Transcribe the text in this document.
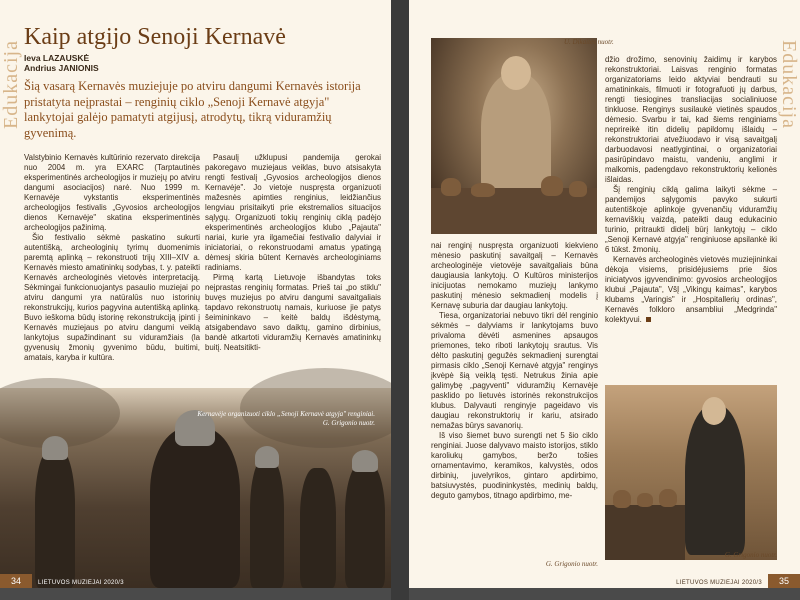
Edukacija
Kaip atgijo Senoji Kernavė
Ieva LAZAUSKĖ
Andrius JANIONIS
Šią vasarą Kernavės muziejuje po atviru dangumi Kernavės istorija pristatyta neįprastai – renginių ciklo „Senoji Kernavė atgyja" lankytojai galėjo pamatyti atgijusį, atrodytų, tikrą viduramžių gyvenimą.

Valstybinio Kernavės kultūrinio rezervato direkcija nuo 2004 m. yra EXARC (Tarptautinės eksperimentinės archeologijos ir muziejų po atviru dangumi asociacijos) narė. Nuo 1999 m. Kernavėje vykstantis eksperimentinės archeologijos festivalis „Gyvosios archeologijos dienos Kernavėje" skatina eksperimentinės archeologijos pažinimą.

Šio festivalio sėkmė paskatino sukurti autentišką, archeologinių tyrimų duomenimis paremtą aplinką – rekonstruoti trijų XIII–XIV a. Kernavės miesto amatininkų sodybas, t. y. pateikti Kernavės archeologinės vietovės interpretaciją. Sėkmingai funkcionuojantys pasaulio muziejai po atviru dangumi yra natūralūs nuo istorinių rekonstrukcijų, kurios pagyvina autentišką aplinką. Buvo ieškoma būdų istorinę rekonstrukciją įpinti į Kernavės muziejaus po atviru dangumi veiklą lankytojus supažindinant su viduramžiais (la gyvenusių žmonių gyvenimo būdu, buitimi, amatais, karyba ir kultūra.

Pasaulį užklupusi pandemija gerokai pakoregavo muziejaus veiklas, buvo atsisakyta rengti festivalį „Gyvosios archeologijos dienos Kernavėje". Jo vietoje nuspręsta organizuoti mažesnės apimties renginius, leidžiančius lengviau prisitaikyti prie ekstremalios situacijos sąlygų. Organizuoti tokių renginių ciklą padėjo eksperimentinės archeologijos klubo „Pajauta" nariai, kurie yra ilgamečiai festivalio dalyviai ir iniciatoriai, o rekonstruodami amatus ypatingą dėmesį skiria būtent Kernavės archeologiniams radiniams.

Pirmą kartą Lietuvoje išbandytas toks neįprastas renginių formatas. Prieš tai „po stiklu" buvęs muziejus po atviru dangumi savaitgaliais tapdavo rekonstruotų namais, kuriuose jie patys šeimininkavo – keitė baldų išdėstymą, atsigabendavo savo daiktų, gamino dirbinius, bandė atkartoti viduramžių Kernavės amatininkų buitį. Neatsitikti-

Kernavėje organizuoti ciklo „Senoji Kernavė atgyja" renginiai.
G. Grigonio nuotr.
34	LIETUVOS MUZIEJAI 2020/3
Edukacija
U. Dikaitės nuotr.

nai renginį nuspręsta organizuoti kiekvieno mėnesio paskutinį savaitgalį – Kernavės archeologinėje vietovėje savaitgaliais būna daugiausia lankytojų. O Kultūros ministerijos inicijuotas nemokamo muziejų lankymo paskutinį mėnesio sekmadienį modelis į Kernavę suburia dar daugiau lankytojų.

Tiesa, organizatoriai nebuvo tikri dėl renginio sėkmės – dalyviams ir lankytojams buvo privaloma dėvėti asmenines apsaugos priemones, teko riboti lankytojų srautus. Vis dėlto paskutinį gegužės sekmadienį surengtai pirmasis ciklo „Senoji Kernavė atgyja" renginys įkvėpė šią veiklą tęsti. Netrukus žinia apie galimybę „pagyventi" viduramžių Kernavėje pasklido po lietuvės istorinės rekonstrukcijos klubus. Dalyvauti renginyje pageidavo vis daugiau rekonstruktorių ir kariu, atsirado nemažas būrys savanorių.

Iš viso šiemet buvo surengti net 5 šio ciklo renginiai. Juose dalyvavo maisto istorijos, stiklo karoliukų gamybos, beržo tošies ornamentavimo, keramikos, kalvystės, odos dirbinių, juvelyrikos, gintaro apdirbimo, batsiuvystės, puodininkystės, medinių baldų, deguto gamybos, titnago apdirbimo, me-

G. Grigonio nuotr.

džio drožimo, senovinių žaidimų ir karybos rekonstruktoriai. Laisvas renginio formatas organizatoriams leido aktyviai bendrauti su amatininkais, filmuoti ir fotografuoti jų darbus, rengti tiesiogines transliacijas socialiniuose tinkluose. Renginys susilaukė vietinės spaudos dėmesio. Svarbu ir tai, kad šiems renginiams neprireikė itin didelių papildomų išlaidų – rekonstruktoriai atvežiuodavo ir visą savaitgalį darbuodavosi neatlygintinai, o organizatoriai pasirūpindavo maistu, vandeniu, anglimi ir malkomis, padengdavo rekonstruktorių kelionės išlaidas.

Šį renginių ciklą galima laikyti sėkme – pandemijos sąlygomis pavyko sukurti autentiškoje aplinkoje gyvenančių viduramžių kernaviškių vaizdą, pateikti daug edukacinio turinio, pritraukti didelį būrį lankytojų – ciklo „Senoji Kernavė atgyja" renginiuose apsilankė iki 6 tūkst. žmonių.

Kernavės archeologinės vietovės muziejininkai dėkoja visiems, prisidėjusiems prie šios iniciatyvos įgyvendinimo: gyvosios archeologijos klubui „Pajauta", VšĮ „Vikingų kaimas", karybos klubams „Varingis" ir „Hospitallerių ordinas", Kernavės folkloro ansambliui „Medgrinda" kolektyvui.

G. Grigonio nuotr.
35
LIETUVOS MUZIEJAI 2020/3
